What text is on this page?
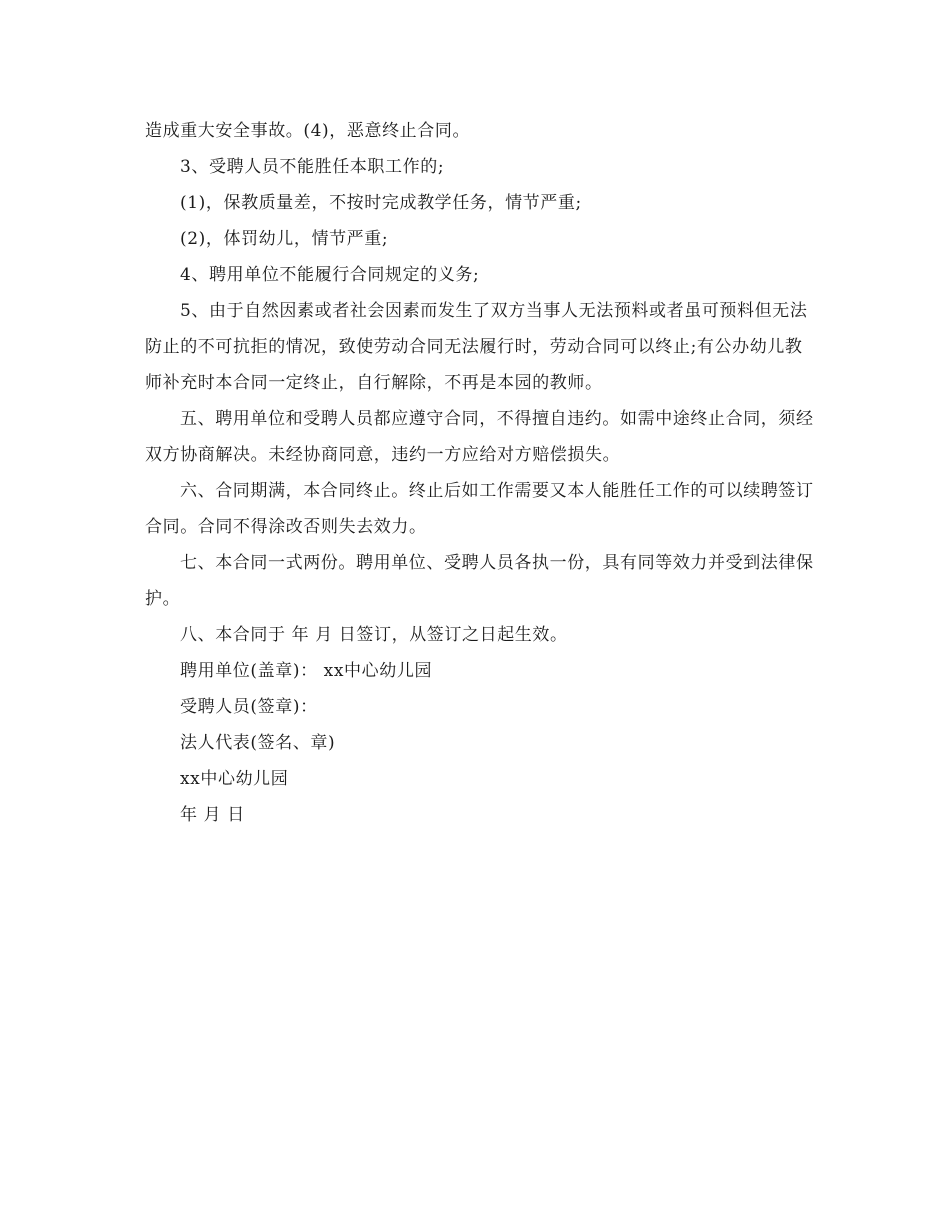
造成重大安全事故。(4)，恶意终止合同。

3、受聘人员不能胜任本职工作的;

(1)，保教质量差，不按时完成教学任务，情节严重;

(2)，体罚幼儿，情节严重;

4、聘用单位不能履行合同规定的义务;

5、由于自然因素或者社会因素而发生了双方当事人无法预料或者虽可预料但无法防止的不可抗拒的情况，致使劳动合同无法履行时，劳动合同可以终止;有公办幼儿教师补充时本合同一定终止，自行解除，不再是本园的教师。

五、聘用单位和受聘人员都应遵守合同，不得擅自违约。如需中途终止合同，须经双方协商解决。未经协商同意，违约一方应给对方赔偿损失。

六、合同期满，本合同终止。终止后如工作需要又本人能胜任工作的可以续聘签订合同。合同不得涂改否则失去效力。

七、本合同一式两份。聘用单位、受聘人员各执一份，具有同等效力并受到法律保护。

八、本合同于 年 月 日签订，从签订之日起生效。

聘用单位(盖章)： xx中心幼儿园

受聘人员(签章)：

法人代表(签名、章)

xx中心幼儿园

年 月 日
